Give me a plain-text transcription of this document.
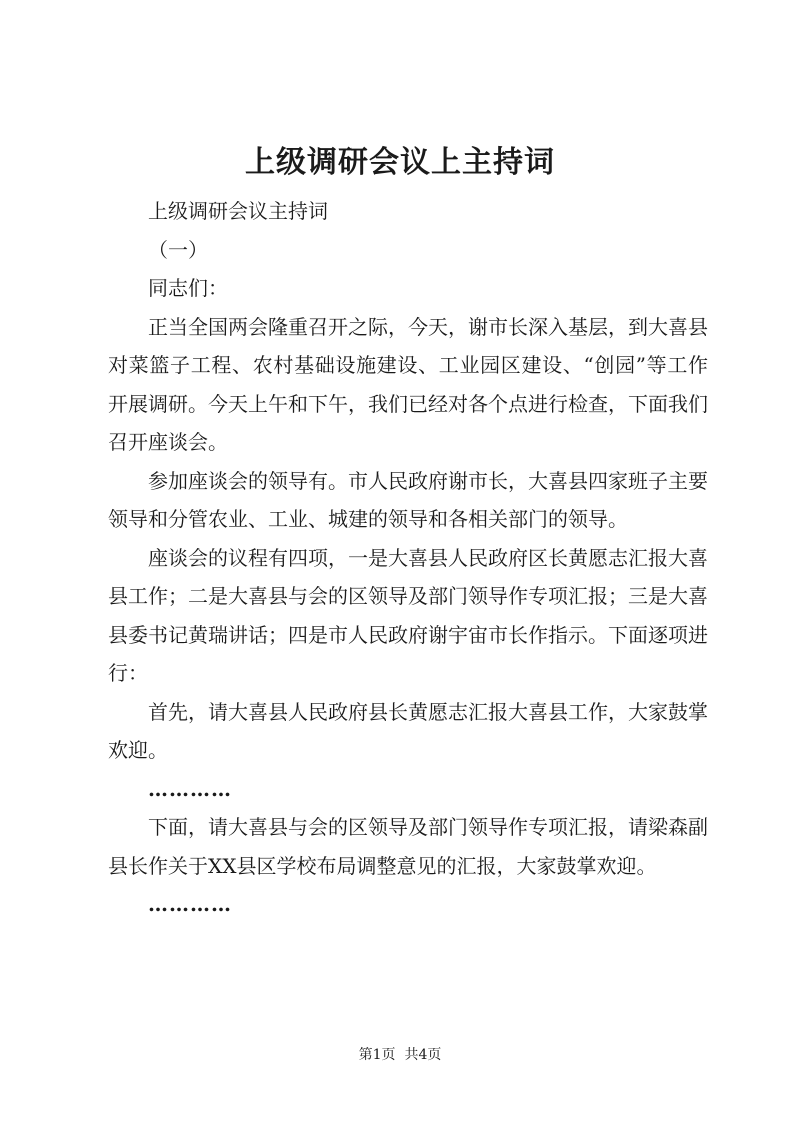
上级调研会议上主持词

上级调研会议主持词

（一）

同志们：

正当全国两会隆重召开之际，今天，谢市长深入基层，到大喜县对菜篮子工程、农村基础设施建设、工业园区建设、“创园”等工作开展调研。今天上午和下午，我们已经对各个点进行检查，下面我们召开座谈会。

参加座谈会的领导有。市人民政府谢市长，大喜县四家班子主要领导和分管农业、工业、城建的领导和各相关部门的领导。

座谈会的议程有四项，一是大喜县人民政府区长黄愿志汇报大喜县工作；二是大喜县与会的区领导及部门领导作专项汇报；三是大喜县委书记黄瑞讲话；四是市人民政府谢宇宙市长作指示。下面逐项进行：

首先，请大喜县人民政府县长黄愿志汇报大喜县工作，大家鼓掌欢迎。

…………

下面，请大喜县与会的区领导及部门领导作专项汇报，请梁森副县长作关于XX县区学校布局调整意见的汇报，大家鼓掌欢迎。

…………

第1页 共4页
